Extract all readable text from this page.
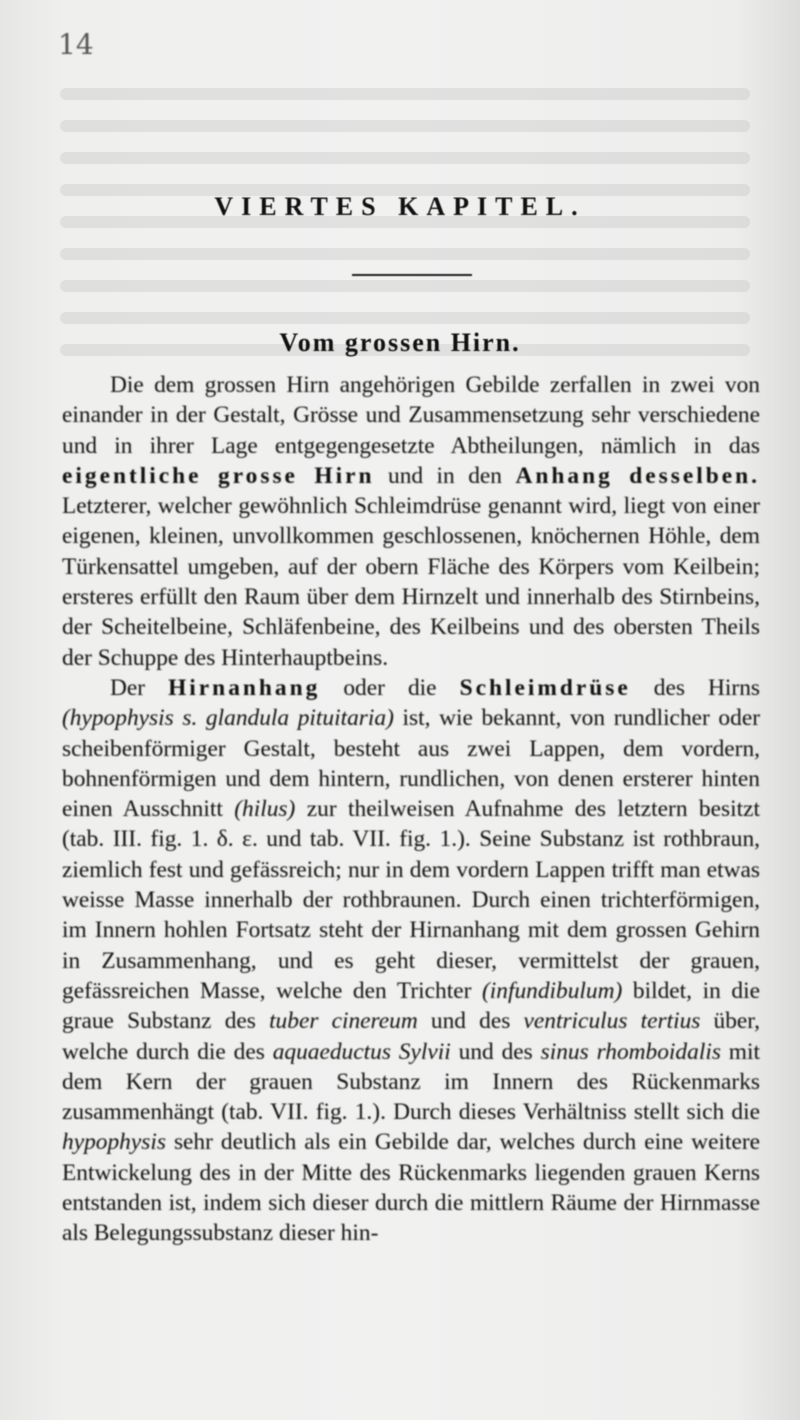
14
VIERTES KAPITEL.
Vom grossen Hirn.

Die dem grossen Hirn angehörigen Gebilde zerfallen in zwei von einander in der Gestalt, Grösse und Zusammensetzung sehr verschiedene und in ihrer Lage entgegengesetzte Abtheilungen, nämlich in das eigentliche grosse Hirn und in den Anhang desselben. Letzterer, welcher gewöhnlich Schleimdrüse genannt wird, liegt von einer eigenen, kleinen, unvollkommen geschlossenen, knöchernen Höhle, dem Türkensattel umgeben, auf der obern Fläche des Körpers vom Keilbein; ersteres erfüllt den Raum über dem Hirnzelt und innerhalb des Stirnbeins, der Scheitelbeine, Schläfenbeine, des Keilbeins und des obersten Theils der Schuppe des Hinterhauptbeins.

Der Hirnanhang oder die Schleimdrüse des Hirns (hypophysis s. glandula pituitaria) ist, wie bekannt, von rundlicher oder scheibenförmiger Gestalt, besteht aus zwei Lappen, dem vordern, bohnenförmigen und dem hintern, rundlichen, von denen ersterer hinten einen Ausschnitt (hilus) zur theilweisen Aufnahme des letztern besitzt (tab. III. fig. 1. δ. ε. und tab. VII. fig. 1.). Seine Substanz ist rothbraun, ziemlich fest und gefässreich; nur in dem vordern Lappen trifft man etwas weisse Masse innerhalb der rothbraunen. Durch einen trichterförmigen, im Innern hohlen Fortsatz steht der Hirnanhang mit dem grossen Gehirn in Zusammenhang, und es geht dieser, vermittelst der grauen, gefässreichen Masse, welche den Trichter (infundibulum) bildet, in die graue Substanz des tuber cinereum und des ventriculus tertius über, welche durch die des aquaeductus Sylvii und des sinus rhomboidalis mit dem Kern der grauen Substanz im Innern des Rückenmarks zusammenhängt (tab. VII. fig. 1.). Durch dieses Verhältniss stellt sich die hypophysis sehr deutlich als ein Gebilde dar, welches durch eine weitere Entwickelung des in der Mitte des Rückenmarks liegenden grauen Kerns entstanden ist, indem sich dieser durch die mittlern Räume der Hirnmasse als Belegungssubstanz dieser hin-
